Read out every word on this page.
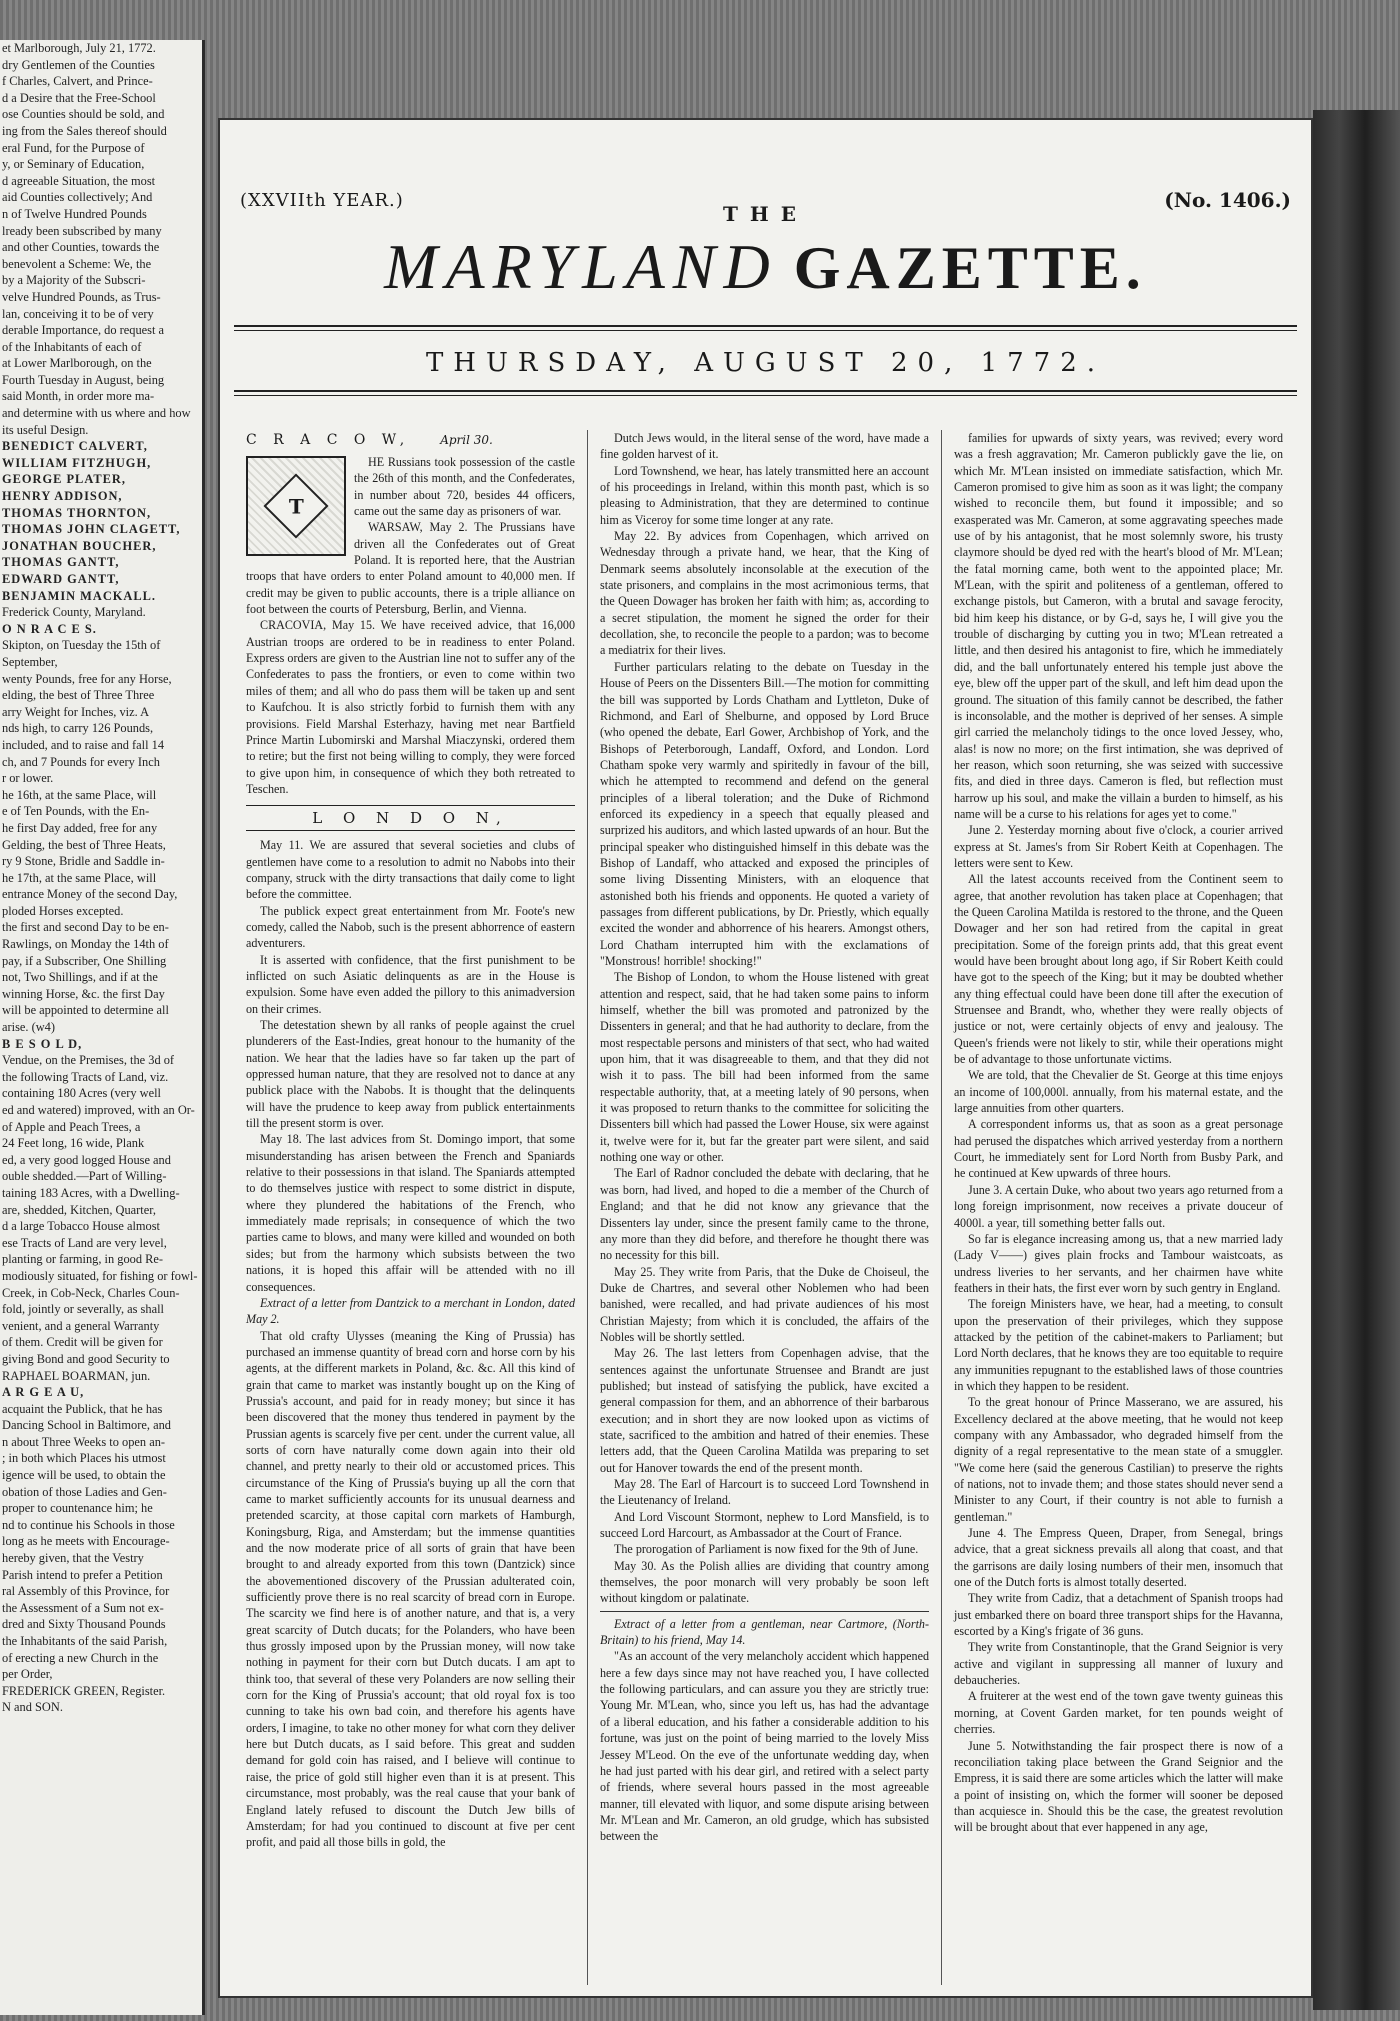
et Marlborough, July 21, 1772.

dry Gentlemen of the Counties

f Charles, Calvert, and Prince-

d a Desire that the Free-School

ose Counties should be sold, and

ing from the Sales thereof should

eral Fund, for the Purpose of

y, or Seminary of Education,

d agreeable Situation, the most

aid Counties collectively; And

n of Twelve Hundred Pounds

lready been subscribed by many

and other Counties, towards the

benevolent a Scheme: We, the

by a Majority of the Subscri-

velve Hundred Pounds, as Trus-

lan, conceiving it to be of very

derable Importance, do request a

of the Inhabitants of each of

at Lower Marlborough, on the

Fourth Tuesday in August, being

said Month, in order more ma-

and determine with us where and how

its useful Design.

BENEDICT CALVERT,

WILLIAM FITZHUGH,

GEORGE PLATER,

HENRY ADDISON,

THOMAS THORNTON,

THOMAS JOHN CLAGETT,

JONATHAN BOUCHER,

THOMAS GANTT,

EDWARD GANTT,

BENJAMIN MACKALL.

Frederick County, Maryland.

O N R A C E S.

Skipton, on Tuesday the 15th of

September,

wenty Pounds, free for any Horse,

elding, the best of Three Three

arry Weight for Inches, viz. A

nds high, to carry 126 Pounds,

included, and to raise and fall 14

ch, and 7 Pounds for every Inch

r or lower.

he 16th, at the same Place, will

e of Ten Pounds, with the En-

he first Day added, free for any

Gelding, the best of Three Heats,

ry 9 Stone, Bridle and Saddle in-

he 17th, at the same Place, will

entrance Money of the second Day,

ploded Horses excepted.

the first and second Day to be en-

Rawlings, on Monday the 14th of

pay, if a Subscriber, One Shilling

not, Two Shillings, and if at the

winning Horse, &c. the first Day

will be appointed to determine all

arise. (w4)

B E S O L D,

Vendue, on the Premises, the 3d of

the following Tracts of Land, viz.

containing 180 Acres (very well

ed and watered) improved, with an Or-

of Apple and Peach Trees, a

24 Feet long, 16 wide, Plank

ed, a very good logged House and

ouble shedded.—Part of Willing-

taining 183 Acres, with a Dwelling-

are, shedded, Kitchen, Quarter,

d a large Tobacco House almost

ese Tracts of Land are very level,

planting or farming, in good Re-

modiously situated, for fishing or fowl-

Creek, in Cob-Neck, Charles Coun-

fold, jointly or severally, as shall

venient, and a general Warranty

of them. Credit will be given for

giving Bond and good Security to

RAPHAEL BOARMAN, jun.

A R G E A U,

acquaint the Publick, that he has

Dancing School in Baltimore, and

n about Three Weeks to open an-

; in both which Places his utmost

igence will be used, to obtain the

obation of those Ladies and Gen-

proper to countenance him; he

nd to continue his Schools in those

long as he meets with Encourage-

hereby given, that the Vestry

Parish intend to prefer a Petition

ral Assembly of this Province, for

the Assessment of a Sum not ex-

dred and Sixty Thousand Pounds

the Inhabitants of the said Parish,

of erecting a new Church in the

per Order,

FREDERICK GREEN, Register.

N and SON.

(XXVIIth YEAR.)
THE
(No. 1406.)
MARYLAND GAZETTE.
THURSDAY, AUGUST 20, 1772.
C R A C O W,	April 30.
T

HE Russians took possession of the castle the 26th of this month, and the Confederates, in number about 720, besides 44 officers, came out the same day as prisoners of war.

WARSAW, May 2. The Prussians have driven all the Confederates out of Great Poland. It is reported here, that the Austrian troops that have orders to enter Poland amount to 40,000 men. If credit may be given to public accounts, there is a triple alliance on foot between the courts of Petersburg, Berlin, and Vienna.

CRACOVIA, May 15. We have received advice, that 16,000 Austrian troops are ordered to be in readiness to enter Poland. Express orders are given to the Austrian line not to suffer any of the Confederates to pass the frontiers, or even to come within two miles of them; and all who do pass them will be taken up and sent to Kaufchou. It is also strictly forbid to furnish them with any provisions. Field Marshal Esterhazy, having met near Bartfield Prince Martin Lubomirski and Marshal Miaczynski, ordered them to retire; but the first not being willing to comply, they were forced to give upon him, in consequence of which they both retreated to Teschen.

L O N D O N,

May 11. We are assured that several societies and clubs of gentlemen have come to a resolution to admit no Nabobs into their company, struck with the dirty transactions that daily come to light before the committee.

The publick expect great entertainment from Mr. Foote's new comedy, called the Nabob, such is the present abhorrence of eastern adventurers.

It is asserted with confidence, that the first punishment to be inflicted on such Asiatic delinquents as are in the House is expulsion. Some have even added the pillory to this animadversion on their crimes.

The detestation shewn by all ranks of people against the cruel plunderers of the East-Indies, great honour to the humanity of the nation. We hear that the ladies have so far taken up the part of oppressed human nature, that they are resolved not to dance at any publick place with the Nabobs. It is thought that the delinquents will have the prudence to keep away from publick entertainments till the present storm is over.

May 18. The last advices from St. Domingo import, that some misunderstanding has arisen between the French and Spaniards relative to their possessions in that island. The Spaniards attempted to do themselves justice with respect to some district in dispute, where they plundered the habitations of the French, who immediately made reprisals; in consequence of which the two parties came to blows, and many were killed and wounded on both sides; but from the harmony which subsists between the two nations, it is hoped this affair will be attended with no ill consequences.

Extract of a letter from Dantzick to a merchant in London, dated May 2.

That old crafty Ulysses (meaning the King of Prussia) has purchased an immense quantity of bread corn and horse corn by his agents, at the different markets in Poland, &c. &c. All this kind of grain that came to market was instantly bought up on the King of Prussia's account, and paid for in ready money; but since it has been discovered that the money thus tendered in payment by the Prussian agents is scarcely five per cent. under the current value, all sorts of corn have naturally come down again into their old channel, and pretty nearly to their old or accustomed prices. This circumstance of the King of Prussia's buying up all the corn that came to market sufficiently accounts for its unusual dearness and pretended scarcity, at those capital corn markets of Hamburgh, Koningsburg, Riga, and Amsterdam; but the immense quantities and the now moderate price of all sorts of grain that have been brought to and already exported from this town (Dantzick) since the abovementioned discovery of the Prussian adulterated coin, sufficiently prove there is no real scarcity of bread corn in Europe. The scarcity we find here is of another nature, and that is, a very great scarcity of Dutch ducats; for the Polanders, who have been thus grossly imposed upon by the Prussian money, will now take nothing in payment for their corn but Dutch ducats. I am apt to think too, that several of these very Polanders are now selling their corn for the King of Prussia's account; that old royal fox is too cunning to take his own bad coin, and therefore his agents have orders, I imagine, to take no other money for what corn they deliver here but Dutch ducats, as I said before. This great and sudden demand for gold coin has raised, and I believe will continue to raise, the price of gold still higher even than it is at present. This circumstance, most probably, was the real cause that your bank of England lately refused to discount the Dutch Jew bills of Amsterdam; for had you continued to discount at five per cent profit, and paid all those bills in gold, the

Dutch Jews would, in the literal sense of the word, have made a fine golden harvest of it.

Lord Townshend, we hear, has lately transmitted here an account of his proceedings in Ireland, within this month past, which is so pleasing to Administration, that they are determined to continue him as Viceroy for some time longer at any rate.

May 22. By advices from Copenhagen, which arrived on Wednesday through a private hand, we hear, that the King of Denmark seems absolutely inconsolable at the execution of the state prisoners, and complains in the most acrimonious terms, that the Queen Dowager has broken her faith with him; as, according to a secret stipulation, the moment he signed the order for their decollation, she, to reconcile the people to a pardon; was to become a mediatrix for their lives.

Further particulars relating to the debate on Tuesday in the House of Peers on the Dissenters Bill.—The motion for committing the bill was supported by Lords Chatham and Lyttleton, Duke of Richmond, and Earl of Shelburne, and opposed by Lord Bruce (who opened the debate, Earl Gower, Archbishop of York, and the Bishops of Peterborough, Landaff, Oxford, and London. Lord Chatham spoke very warmly and spiritedly in favour of the bill, which he attempted to recommend and defend on the general principles of a liberal toleration; and the Duke of Richmond enforced its expediency in a speech that equally pleased and surprized his auditors, and which lasted upwards of an hour. But the principal speaker who distinguished himself in this debate was the Bishop of Landaff, who attacked and exposed the principles of some living Dissenting Ministers, with an eloquence that astonished both his friends and opponents. He quoted a variety of passages from different publications, by Dr. Priestly, which equally excited the wonder and abhorrence of his hearers. Amongst others, Lord Chatham interrupted him with the exclamations of "Monstrous! horrible! shocking!"

The Bishop of London, to whom the House listened with great attention and respect, said, that he had taken some pains to inform himself, whether the bill was promoted and patronized by the Dissenters in general; and that he had authority to declare, from the most respectable persons and ministers of that sect, who had waited upon him, that it was disagreeable to them, and that they did not wish it to pass. The bill had been informed from the same respectable authority, that, at a meeting lately of 90 persons, when it was proposed to return thanks to the committee for soliciting the Dissenters bill which had passed the Lower House, six were against it, twelve were for it, but far the greater part were silent, and said nothing one way or other.

The Earl of Radnor concluded the debate with declaring, that he was born, had lived, and hoped to die a member of the Church of England; and that he did not know any grievance that the Dissenters lay under, since the present family came to the throne, any more than they did before, and therefore he thought there was no necessity for this bill.

May 25. They write from Paris, that the Duke de Choiseul, the Duke de Chartres, and several other Noblemen who had been banished, were recalled, and had private audiences of his most Christian Majesty; from which it is concluded, the affairs of the Nobles will be shortly settled.

May 26. The last letters from Copenhagen advise, that the sentences against the unfortunate Struensee and Brandt are just published; but instead of satisfying the publick, have excited a general compassion for them, and an abhorrence of their barbarous execution; and in short they are now looked upon as victims of state, sacrificed to the ambition and hatred of their enemies. These letters add, that the Queen Carolina Matilda was preparing to set out for Hanover towards the end of the present month.

May 28. The Earl of Harcourt is to succeed Lord Townshend in the Lieutenancy of Ireland.

And Lord Viscount Stormont, nephew to Lord Mansfield, is to succeed Lord Harcourt, as Ambassador at the Court of France.

The prorogation of Parliament is now fixed for the 9th of June.

May 30. As the Polish allies are dividing that country among themselves, the poor monarch will very probably be soon left without kingdom or palatinate.

Extract of a letter from a gentleman, near Cartmore, (North-Britain) to his friend, May 14.

"As an account of the very melancholy accident which happened here a few days since may not have reached you, I have collected the following particulars, and can assure you they are strictly true: Young Mr. M'Lean, who, since you left us, has had the advantage of a liberal education, and his father a considerable addition to his fortune, was just on the point of being married to the lovely Miss Jessey M'Leod. On the eve of the unfortunate wedding day, when he had just parted with his dear girl, and retired with a select party of friends, where several hours passed in the most agreeable manner, till elevated with liquor, and some dispute arising between Mr. M'Lean and Mr. Cameron, an old grudge, which has subsisted between the

families for upwards of sixty years, was revived; every word was a fresh aggravation; Mr. Cameron publickly gave the lie, on which Mr. M'Lean insisted on immediate satisfaction, which Mr. Cameron promised to give him as soon as it was light; the company wished to reconcile them, but found it impossible; and so exasperated was Mr. Cameron, at some aggravating speeches made use of by his antagonist, that he most solemnly swore, his trusty claymore should be dyed red with the heart's blood of Mr. M'Lean; the fatal morning came, both went to the appointed place; Mr. M'Lean, with the spirit and politeness of a gentleman, offered to exchange pistols, but Cameron, with a brutal and savage ferocity, bid him keep his distance, or by G-d, says he, I will give you the trouble of discharging by cutting you in two; M'Lean retreated a little, and then desired his antagonist to fire, which he immediately did, and the ball unfortunately entered his temple just above the eye, blew off the upper part of the skull, and left him dead upon the ground. The situation of this family cannot be described, the father is inconsolable, and the mother is deprived of her senses. A simple girl carried the melancholy tidings to the once loved Jessey, who, alas! is now no more; on the first intimation, she was deprived of her reason, which soon returning, she was seized with successive fits, and died in three days. Cameron is fled, but reflection must harrow up his soul, and make the villain a burden to himself, as his name will be a curse to his relations for ages yet to come."

June 2. Yesterday morning about five o'clock, a courier arrived express at St. James's from Sir Robert Keith at Copenhagen. The letters were sent to Kew.

All the latest accounts received from the Continent seem to agree, that another revolution has taken place at Copenhagen; that the Queen Carolina Matilda is restored to the throne, and the Queen Dowager and her son had retired from the capital in great precipitation. Some of the foreign prints add, that this great event would have been brought about long ago, if Sir Robert Keith could have got to the speech of the King; but it may be doubted whether any thing effectual could have been done till after the execution of Struensee and Brandt, who, whether they were really objects of justice or not, were certainly objects of envy and jealousy. The Queen's friends were not likely to stir, while their operations might be of advantage to those unfortunate victims.

We are told, that the Chevalier de St. George at this time enjoys an income of 100,000l. annually, from his maternal estate, and the large annuities from other quarters.

A correspondent informs us, that as soon as a great personage had perused the dispatches which arrived yesterday from a northern Court, he immediately sent for Lord North from Busby Park, and he continued at Kew upwards of three hours.

June 3. A certain Duke, who about two years ago returned from a long foreign imprisonment, now receives a private douceur of 4000l. a year, till something better falls out.

So far is elegance increasing among us, that a new married lady (Lady V——) gives plain frocks and Tambour waistcoats, as undress liveries to her servants, and her chairmen have white feathers in their hats, the first ever worn by such gentry in England.

The foreign Ministers have, we hear, had a meeting, to consult upon the preservation of their privileges, which they suppose attacked by the petition of the cabinet-makers to Parliament; but Lord North declares, that he knows they are too equitable to require any immunities repugnant to the established laws of those countries in which they happen to be resident.

To the great honour of Prince Masserano, we are assured, his Excellency declared at the above meeting, that he would not keep company with any Ambassador, who degraded himself from the dignity of a regal representative to the mean state of a smuggler. "We come here (said the generous Castilian) to preserve the rights of nations, not to invade them; and those states should never send a Minister to any Court, if their country is not able to furnish a gentleman."

June 4. The Empress Queen, Draper, from Senegal, brings advice, that a great sickness prevails all along that coast, and that the garrisons are daily losing numbers of their men, insomuch that one of the Dutch forts is almost totally deserted.

They write from Cadiz, that a detachment of Spanish troops had just embarked there on board three transport ships for the Havanna, escorted by a King's frigate of 36 guns.

They write from Constantinople, that the Grand Seignior is very active and vigilant in suppressing all manner of luxury and debaucheries.

A fruiterer at the west end of the town gave twenty guineas this morning, at Covent Garden market, for ten pounds weight of cherries.

June 5. Notwithstanding the fair prospect there is now of a reconciliation taking place between the Grand Seignior and the Empress, it is said there are some articles which the latter will make a point of insisting on, which the former will sooner be deposed than acquiesce in. Should this be the case, the greatest revolution will be brought about that ever happened in any age,
